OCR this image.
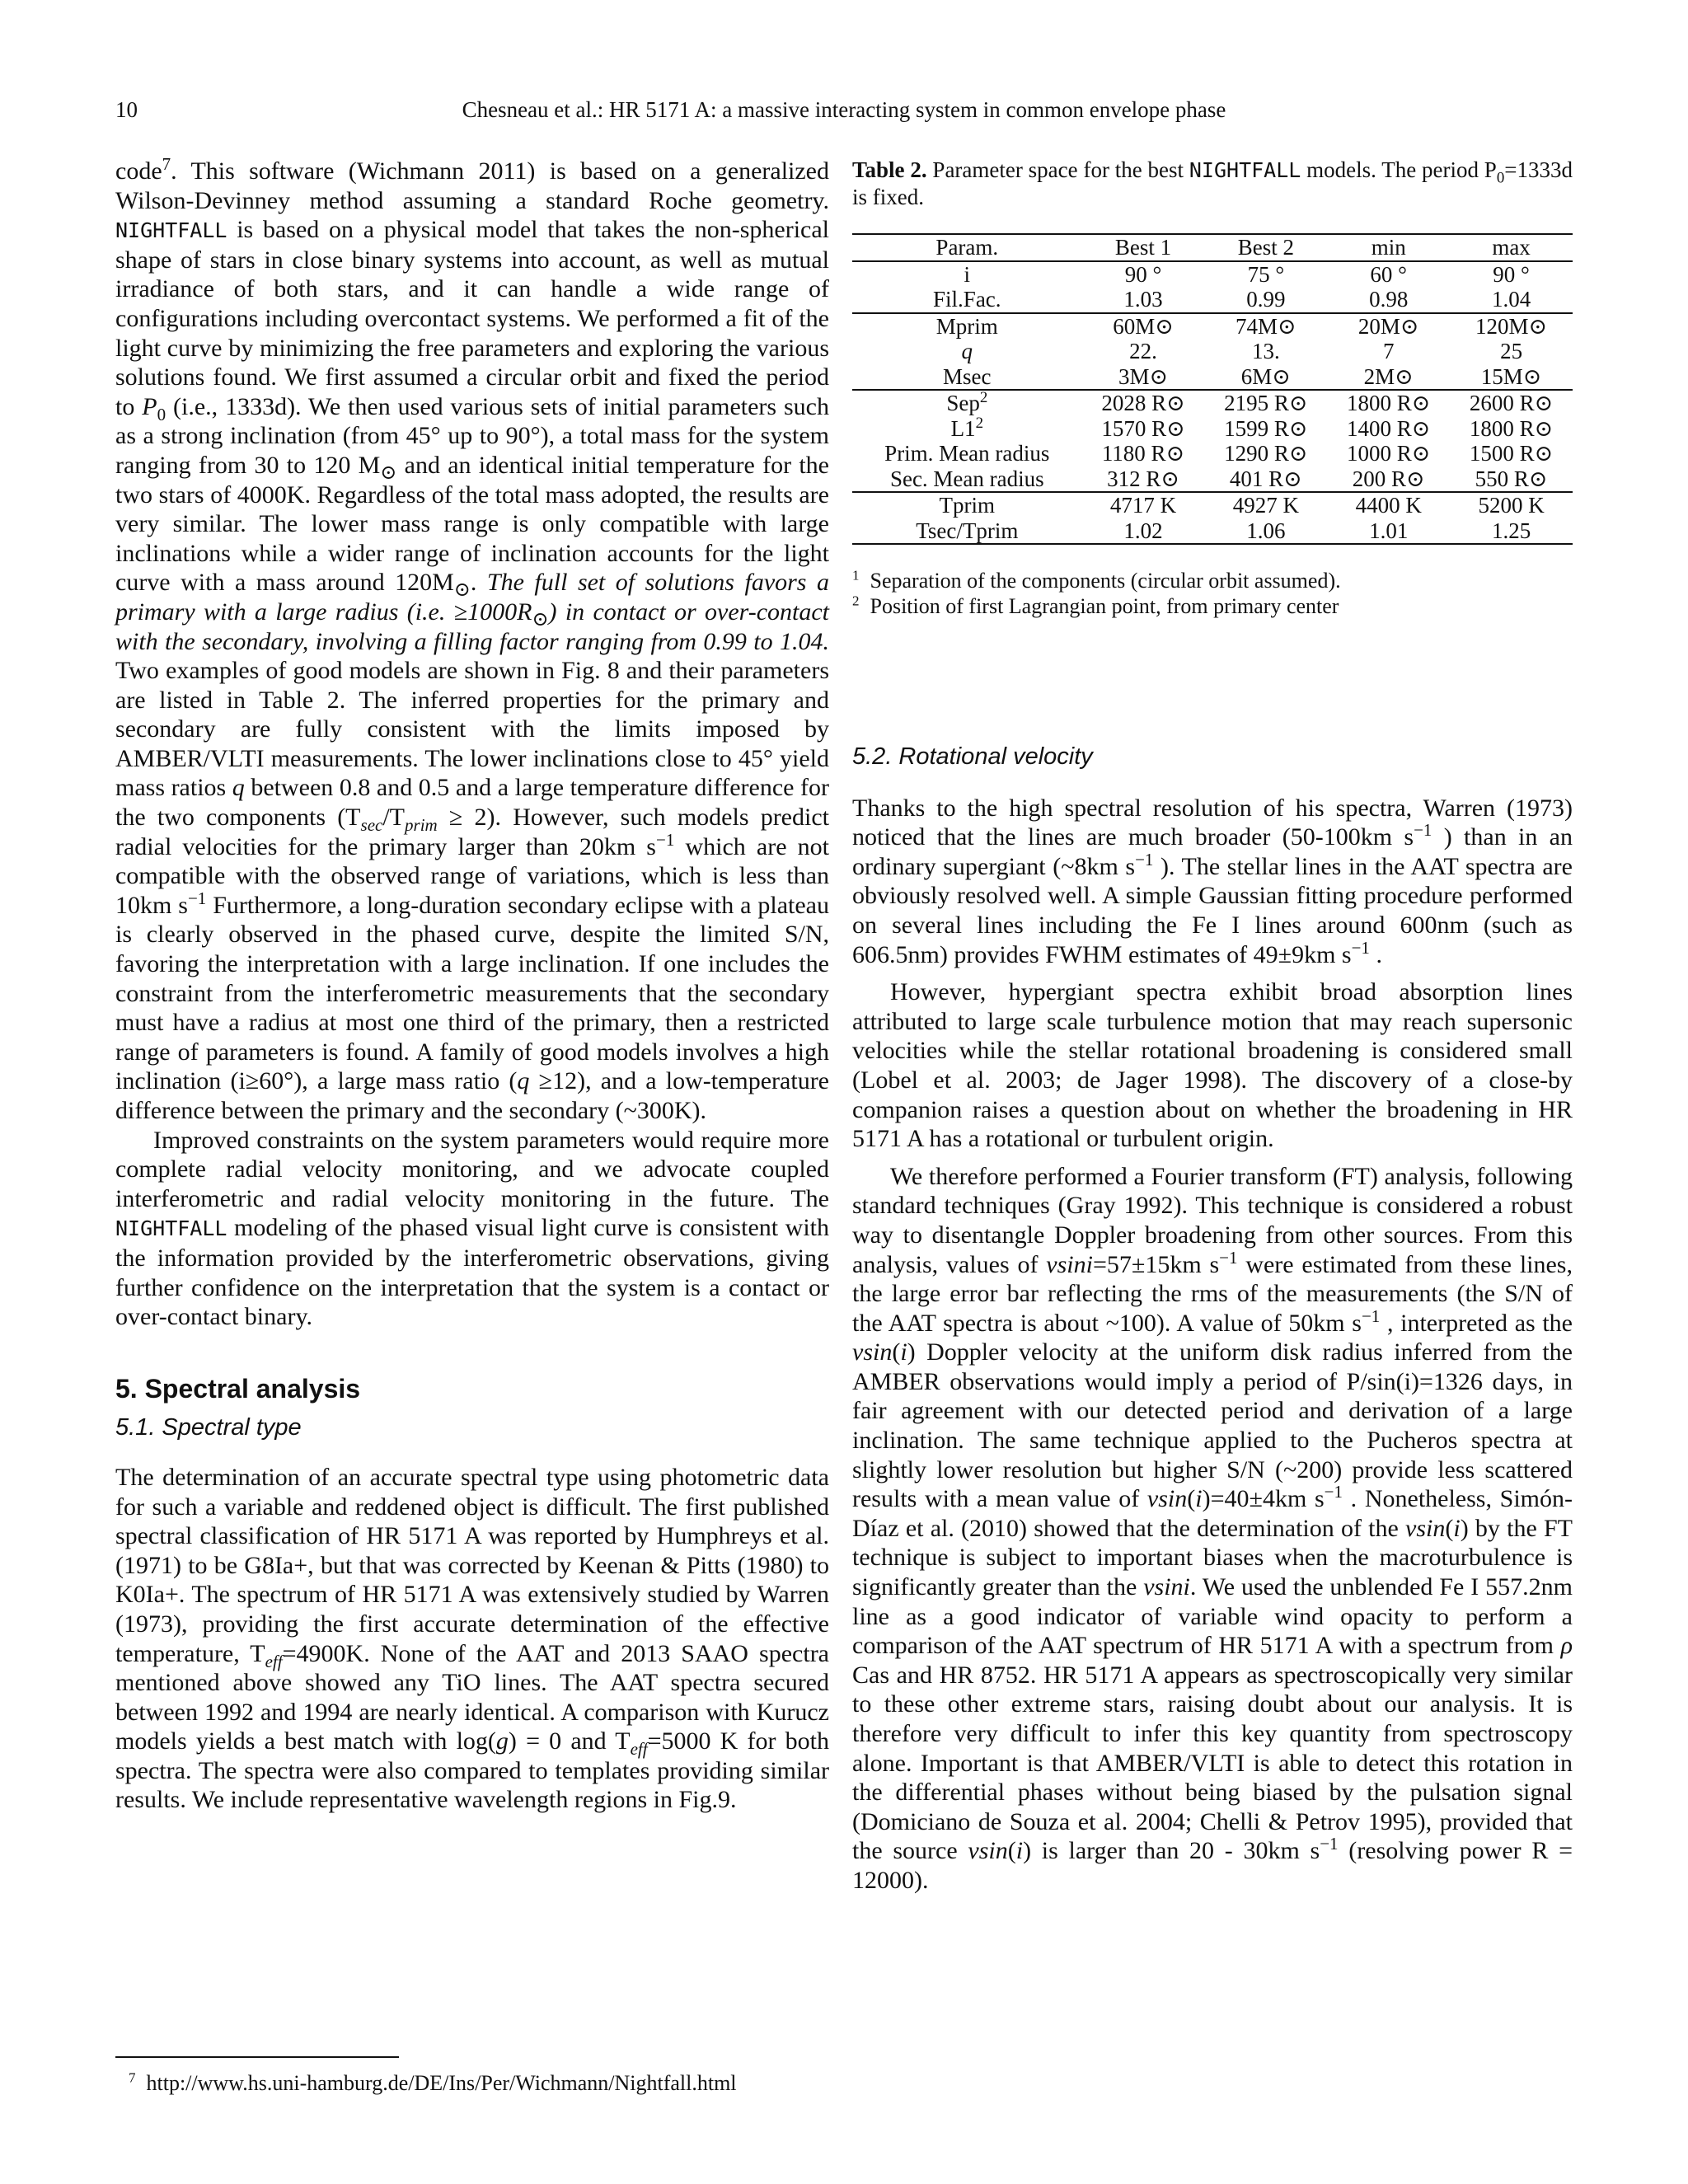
10	Chesneau et al.: HR 5171 A: a massive interacting system in common envelope phase

code$^7$. This software (Wichmann 2011) is based on a generalized Wilson-Devinney method assuming a standard Roche geometry. NIGHTFALL is based on a physical model that takes the non-spherical shape of stars in close binary systems into account, as well as mutual irradiance of both stars, and it can handle a wide range of configurations including overcontact systems. We performed a fit of the light curve by minimizing the free parameters and exploring the various solutions found. We first assumed a circular orbit and fixed the period to $P_0$ (i.e., 1333d). We then used various sets of initial parameters such as a strong inclination (from 45° up to 90°), a total mass for the system ranging from 30 to 120 $M_⊙$ and an identical initial temperature for the two stars of 4000K. Regardless of the total mass adopted, the results are very similar. The lower mass range is only compatible with large inclinations while a wider range of inclination accounts for the light curve with a mass around $120M_⊙$. The full set of solutions favors a primary with a large radius (i.e. $\ge 1000R_⊙$) in contact or over-contact with the secondary, involving a filling factor ranging from 0.99 to 1.04. Two examples of good models are shown in Fig. 8 and their parameters are listed in Table 2. The inferred properties for the primary and secondary are fully consistent with the limits imposed by AMBER/VLTI measurements. The lower inclinations close to 45° yield mass ratios q between 0.8 and 0.5 and a large temperature difference for the two components $(T_{sec}/T_{prim} \ge 2)$. However, such models predict radial velocities for the primary larger than 20km $s^{-1}$ which are not compatible with the observed range of variations, which is less than 10km $s^{-1}$ Furthermore, a long-duration secondary eclipse with a plateau is clearly observed in the phased curve, despite the limited S/N, favoring the interpretation with a large inclination. If one includes the constraint from the interferometric measurements that the secondary must have a radius at most one third of the primary, then a restricted range of parameters is found. A family of good models involves a high inclination (i≥60°), a large mass ratio (q ≥12), and a low-temperature difference between the primary and the secondary (~300K).

Improved constraints on the system parameters would require more complete radial velocity monitoring, and we advocate coupled interferometric and radial velocity monitoring in the future. The NIGHTFALL modeling of the phased visual light curve is consistent with the information provided by the interferometric observations, giving further confidence on the interpretation that the system is a contact or over-contact binary.

5. Spectral analysis
5.1. Spectral type

The determination of an accurate spectral type using photometric data for such a variable and reddened object is difficult. The first published spectral classification of HR 5171 A was reported by Humphreys et al. (1971) to be G8Ia+, but that was corrected by Keenan & Pitts (1980) to K0Ia+. The spectrum of HR 5171 A was extensively studied by Warren (1973), providing the first accurate determination of the effective temperature, $T_{eff}=4900K$. None of the AAT and 2013 SAAO spectra mentioned above showed any TiO lines. The AAT spectra secured between 1992 and 1994 are nearly identical. A comparison with Kurucz models yields a best match with log(g) = 0 and $T_{eff}=5000$ K for both spectra. The spectra were also compared to templates providing similar results. We include representative wavelength regions in Fig.9.

$^7$ http://www.hs.uni-hamburg.de/DE/Ins/Per/Wichmann/Nightfall.html
Table 2. Parameter space for the best NIGHTFALL models. The period $P_0=1333d$ is fixed.
Param.	Best 1	Best 2	min	max
i	90 °	75 °	60 °	90 °
Fil.Fac.	1.03	0.99	0.98	1.04
Mprim	60M⊙	74M⊙	20M⊙	120M⊙
q	22.	13.	7	25
Msec	3M⊙	6M⊙	2M⊙	15M⊙
Sep$^2$	2028 R⊙	2195 R⊙	1800 R⊙	2600 R⊙
$L1^2$	1570 R⊙	1599 R⊙	1400 R⊙	1800 R⊙
Prim. Mean radius	1180 R⊙	1290 R⊙	1000 R⊙	1500 R⊙
Sec. Mean radius	312 R⊙	401 R⊙	200 R⊙	550 R⊙
Tprim	4717 K	4927 K	4400 K	5200 K
Tsec/Tprim	1.02	1.06	1.01	1.25
$^1$ Separation of the components (circular orbit assumed).
$^2$ Position of first Lagrangian point, from primary center
5.2. Rotational velocity

Thanks to the high spectral resolution of his spectra, Warren (1973) noticed that the lines are much broader (50-100km $s^{-1}$ ) than in an ordinary supergiant (~8km $s^{-1}$ ). The stellar lines in the AAT spectra are obviously resolved well. A simple Gaussian fitting procedure performed on several lines including the Fe I lines around 600nm (such as 606.5nm) provides FWHM estimates of 49±9km $s^{-1}$ .

However, hypergiant spectra exhibit broad absorption lines attributed to large scale turbulence motion that may reach supersonic velocities while the stellar rotational broadening is considered small (Lobel et al. 2003; de Jager 1998). The discovery of a close-by companion raises a question about on whether the broadening in HR 5171 A has a rotational or turbulent origin.

We therefore performed a Fourier transform (FT) analysis, following standard techniques (Gray 1992). This technique is considered a robust way to disentangle Doppler broadening from other sources. From this analysis, values of vsini=57±15km $s^{-1}$ were estimated from these lines, the large error bar reflecting the rms of the measurements (the S/N of the AAT spectra is about ~100). A value of 50km $s^{-1}$ , interpreted as the vsin(i) Doppler velocity at the uniform disk radius inferred from the AMBER observations would imply a period of P/sin(i)=1326 days, in fair agreement with our detected period and derivation of a large inclination. The same technique applied to the Pucheros spectra at slightly lower resolution but higher S/N (~200) provide less scattered results with a mean value of vsin(i)=40±4km $s^{-1}$ . Nonetheless, Simón-Díaz et al. (2010) showed that the determination of the vsin(i) by the FT technique is subject to important biases when the macroturbulence is significantly greater than the vsini. We used the unblended Fe I 557.2nm line as a good indicator of variable wind opacity to perform a comparison of the AAT spectrum of HR 5171 A with a spectrum from ρ Cas and HR 8752. HR 5171 A appears as spectroscopically very similar to these other extreme stars, raising doubt about our analysis. It is therefore very difficult to infer this key quantity from spectroscopy alone. Important is that AMBER/VLTI is able to detect this rotation in the differential phases without being biased by the pulsation signal (Domiciano de Souza et al. 2004; Chelli & Petrov 1995), provided that the source vsin(i) is larger than 20 - 30km $s^{-1}$ (resolving power R = 12000).
